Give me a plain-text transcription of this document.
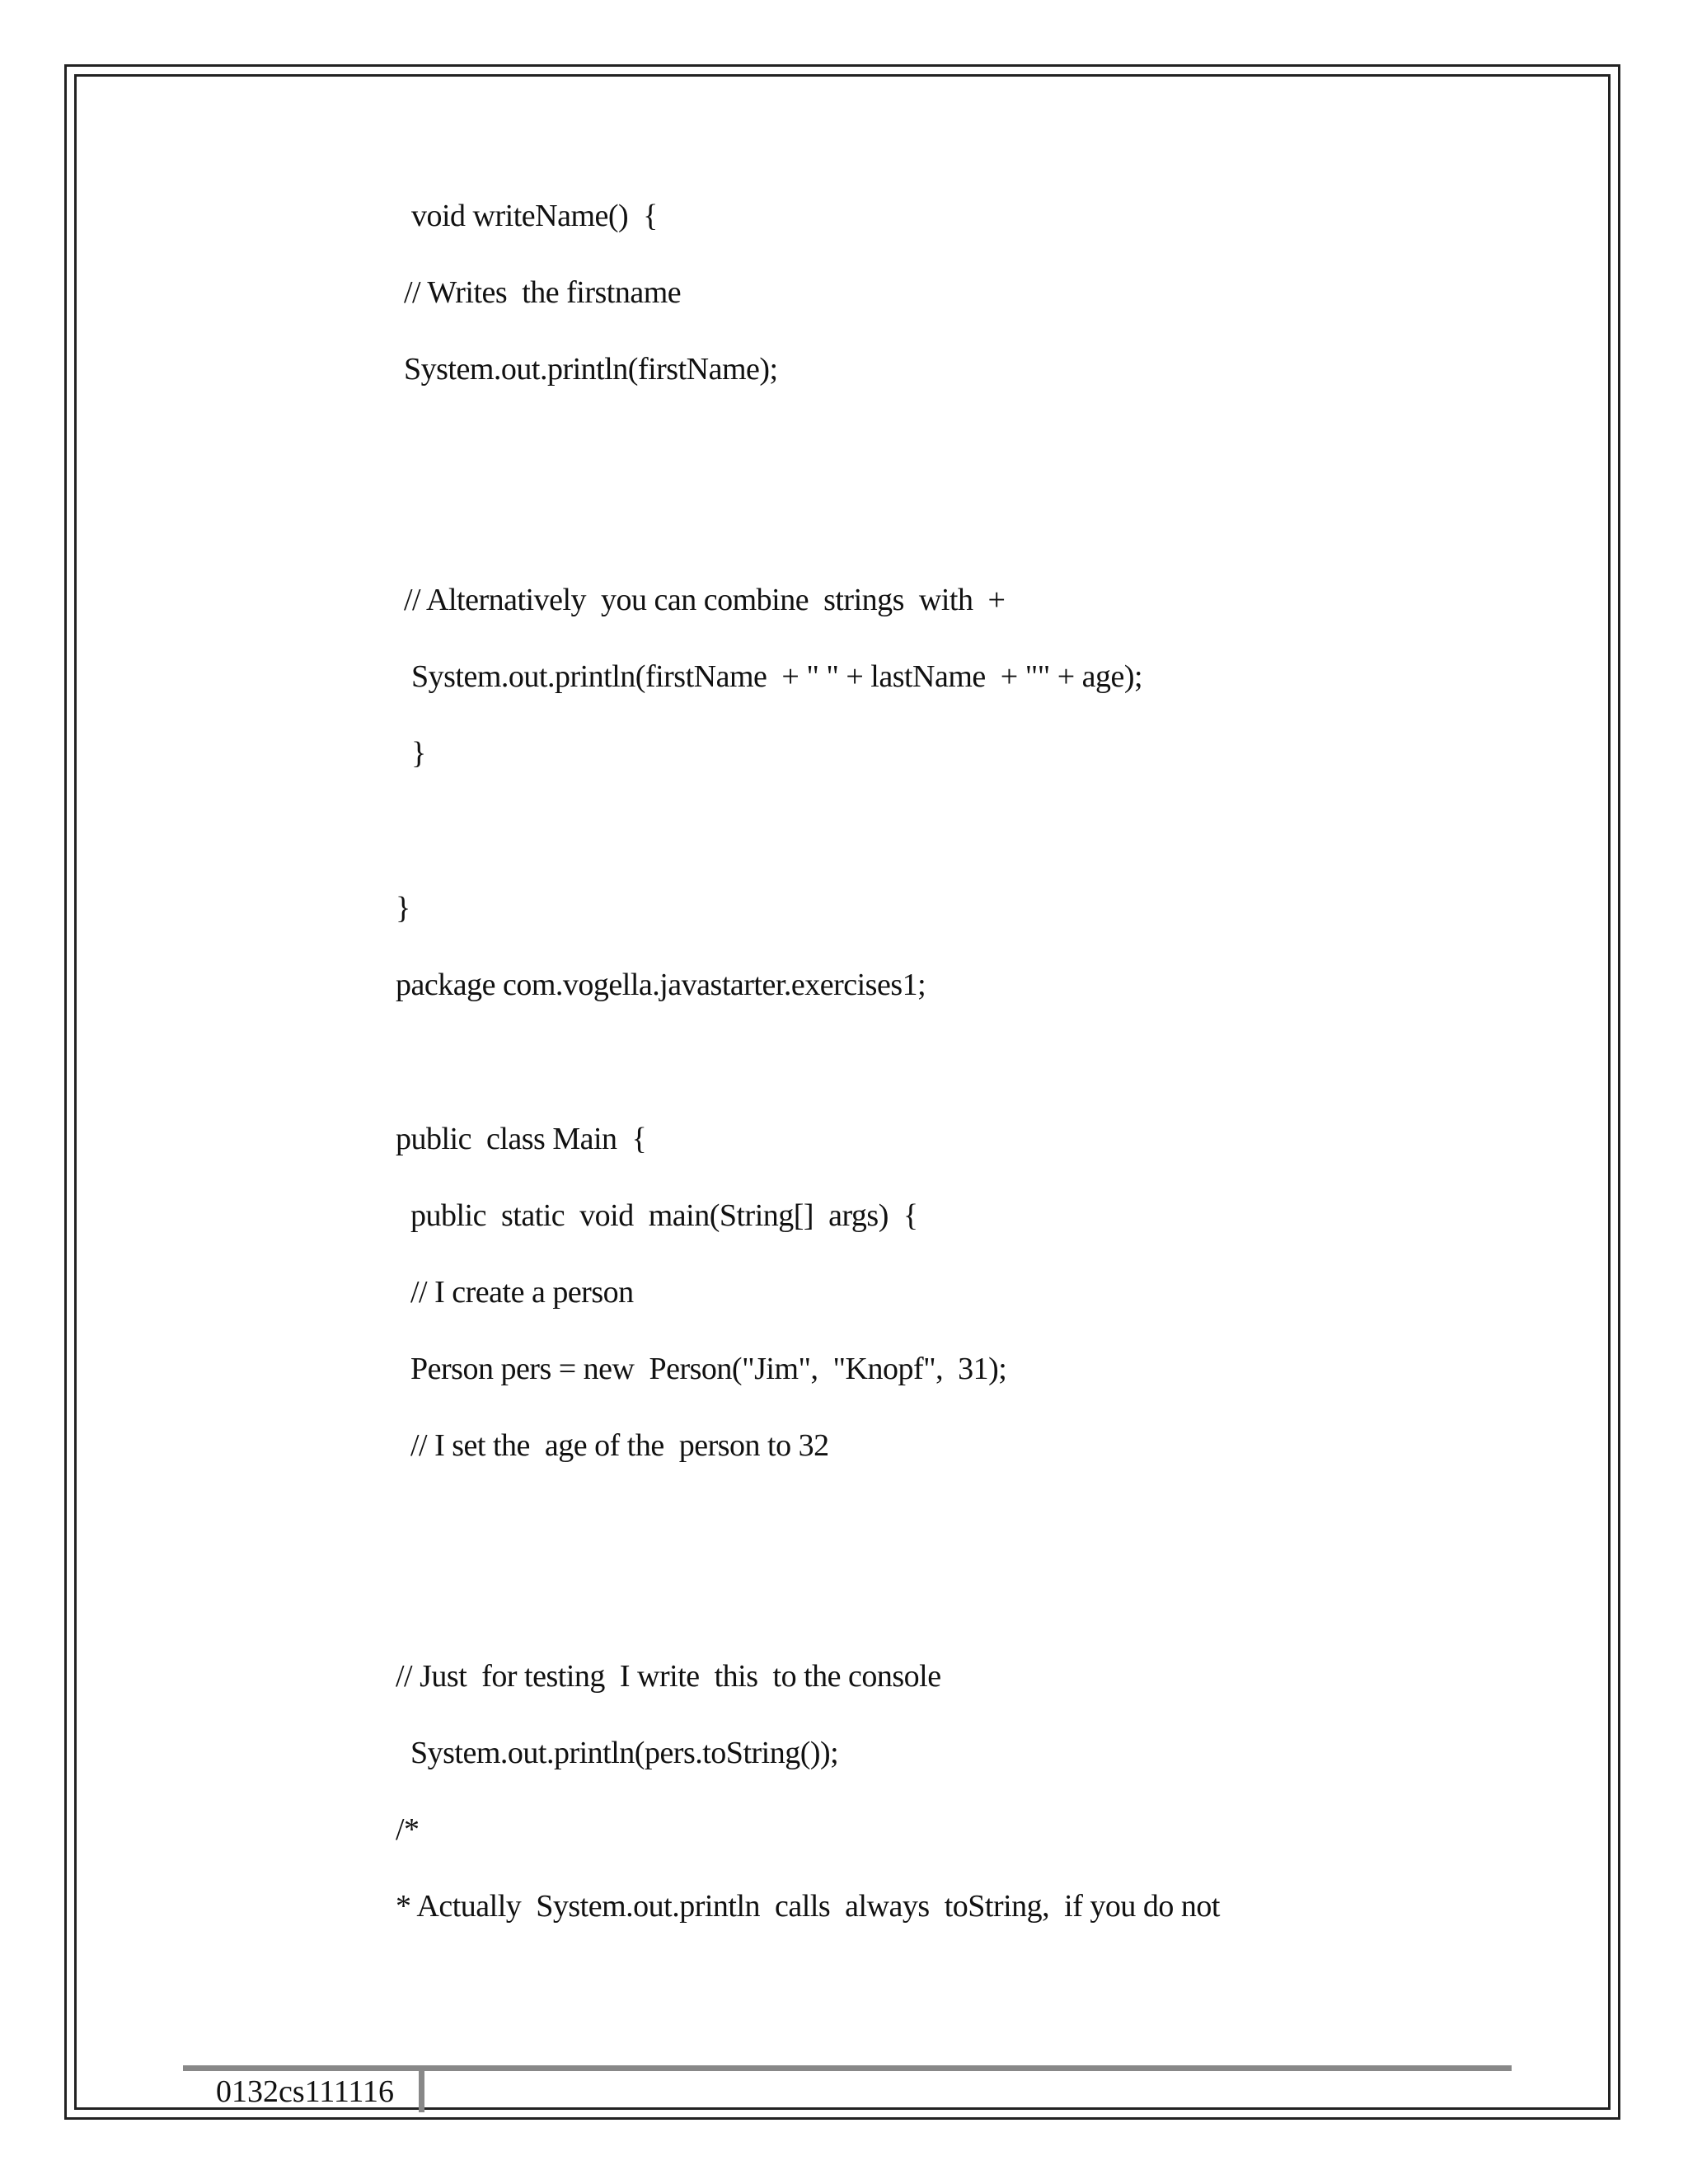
void writeName()  {

// Writes  the firstname

System.out.println(firstName);

// Alternatively  you can combine  strings  with  +

System.out.println(firstName  + " " + lastName  + "" + age);

}

}

package com.vogella.javastarter.exercises1;

public  class Main  {

public  static  void  main(String[]  args)  {

// I create a person

Person pers = new  Person("Jim",  "Knopf",  31);

// I set the  age of the  person to 32

// Just  for testing  I write  this  to the console

System.out.println(pers.toString());

/*

* Actually  System.out.println  calls  always  toString,  if you do not

0132cs111116
